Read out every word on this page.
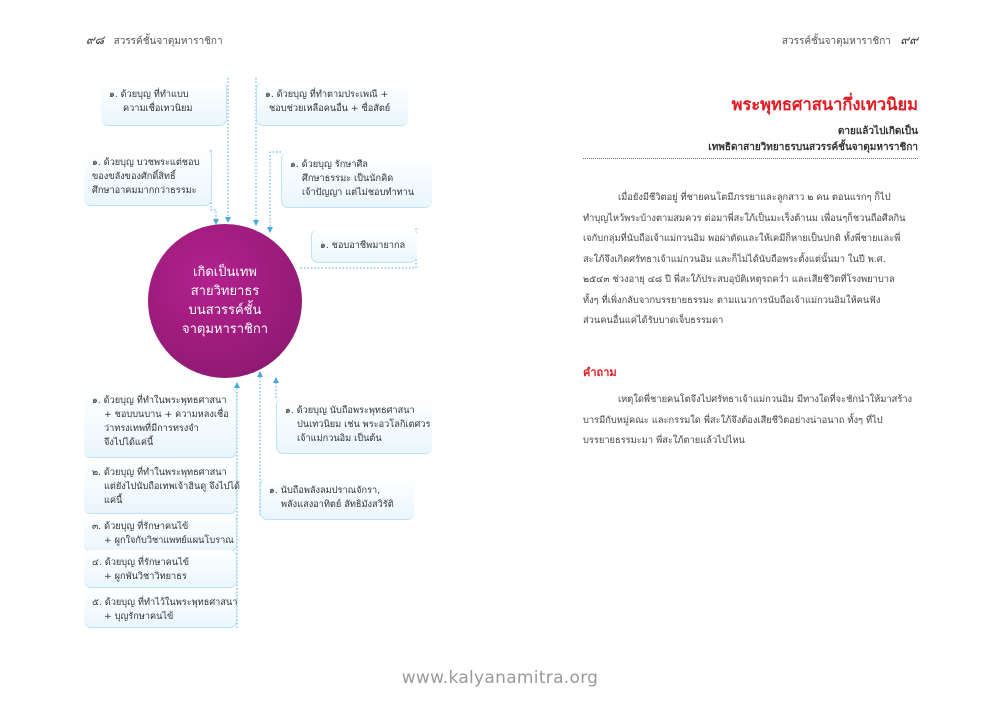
๙๘ สวรรค์ชั้นจาตุมหาราชิกา	สวรรค์ชั้นจาตุมหาราชิกา ๙๙
๑. ด้วยบุญ ที่ทำแบบ
ความเชื่อเทวนิยม
๑. ด้วยบุญ ที่ทำตามประเพณี +
ชอบช่วยเหลือคนอื่น + ซื่อสัตย์
๑. ด้วยบุญ บวชพระแต่ชอบ
ของขลังของศักดิ์สิทธิ์
ศึกษาอาคมมากกว่าธรรมะ
๑. ด้วยบุญ รักษาศีล
ศึกษาธรรมะ เป็นนักคิด
เจ้าปัญญา แต่ไม่ชอบทำทาน
๑. ชอบอาชีพมายากล
๑. ด้วยบุญ ที่ทำในพระพุทธศาสนา
+ ชอบบนบาน + ความหลงเชื่อ
ว่าทรงเทพที่มีการทรงจำ
จึงไปได้แค่นี้
๑. ด้วยบุญ นับถือพระพุทธศาสนา
ปนเทวนิยม เช่น พระอวโลกิเตศวร
เจ้าแม่กวนอิม เป็นต้น
๒. ด้วยบุญ ที่ทำในพระพุทธศาสนา
แต่ยังไปนับถือเทพเจ้าฮินดู จึงไปได้
แค่นี้
๑. นับถือพลังลมปราณจักรา,
พลังแสงอาทิตย์ ลัทธิมังสวิรัติ
๓. ด้วยบุญ ที่รักษาคนไข้
+ ผูกใจกับวิชาแพทย์แผนโบราณ
๔. ด้วยบุญ ที่รักษาคนไข้
+ ผูกพันวิชาวิทยาธร
๕. ด้วยบุญ ที่ทำไว้ในพระพุทธศาสนา
+ บุญรักษาคนไข้
เกิดเป็นเทพ
สายวิทยาธร
บนสวรรค์ชั้น
จาตุมหาราชิกา
พระพุทธศาสนากึ่งเทวนิยม
ตายแล้วไปเกิดเป็น
เทพธิดาสายวิทยาธรบนสวรรค์ชั้นจาตุมหาราชิกา
เมื่อยังมีชีวิตอยู่ ที่ชายคนโตมีภรรยาและลูกสาว ๒ คน ตอนแรกๆ ก็ไป
ทำบุญไหว้พระบ้างตามสมควร ต่อมาพี่สะใภ้เป็นมะเร็งต้านม เพื่อนๆก็ชวนถือศีลกิน
เจกับกลุ่มที่นับถือเจ้าแม่กวนอิม พอผ่าตัดและให้เคมีก็หายเป็นปกติ ทั้งพี่ชายและพี่
สะใภ้จึงเกิดศรัทธาเจ้าแม่กวนอิม และก็ไม่ได้นับถือพระตั้งแต่นั้นมา ในปี พ.ศ.
๒๕๔๓ ช่วงอายุ ๔๘ ปี พี่สะใภ้ประสบอุบัติเหตุรถคว่ำ และเสียชีวิตที่โรงพยาบาล
ทั้งๆ ที่เพิ่งกลับจากบรรยายธรรมะ ตามแนวการนับถือเจ้าแม่กวนอิมให้คนฟัง
ส่วนคนอื่นแค่ได้รับบาดเจ็บธรรมดา
คำถาม
เหตุใดพี่ชายคนโตจึงไปศรัทธาเจ้าแม่กวนอิม มีทางใดที่จะชักนำให้มาสร้าง
บารมีกับหมู่คณะ และกรรมใด พี่สะใภ้จึงต้องเสียชีวิตอย่างน่าอนาถ ทั้งๆ ที่ไป
บรรยายธรรมะมา พี่สะใภ้ตายแล้วไปไหน
www.kalyanamitra.org
